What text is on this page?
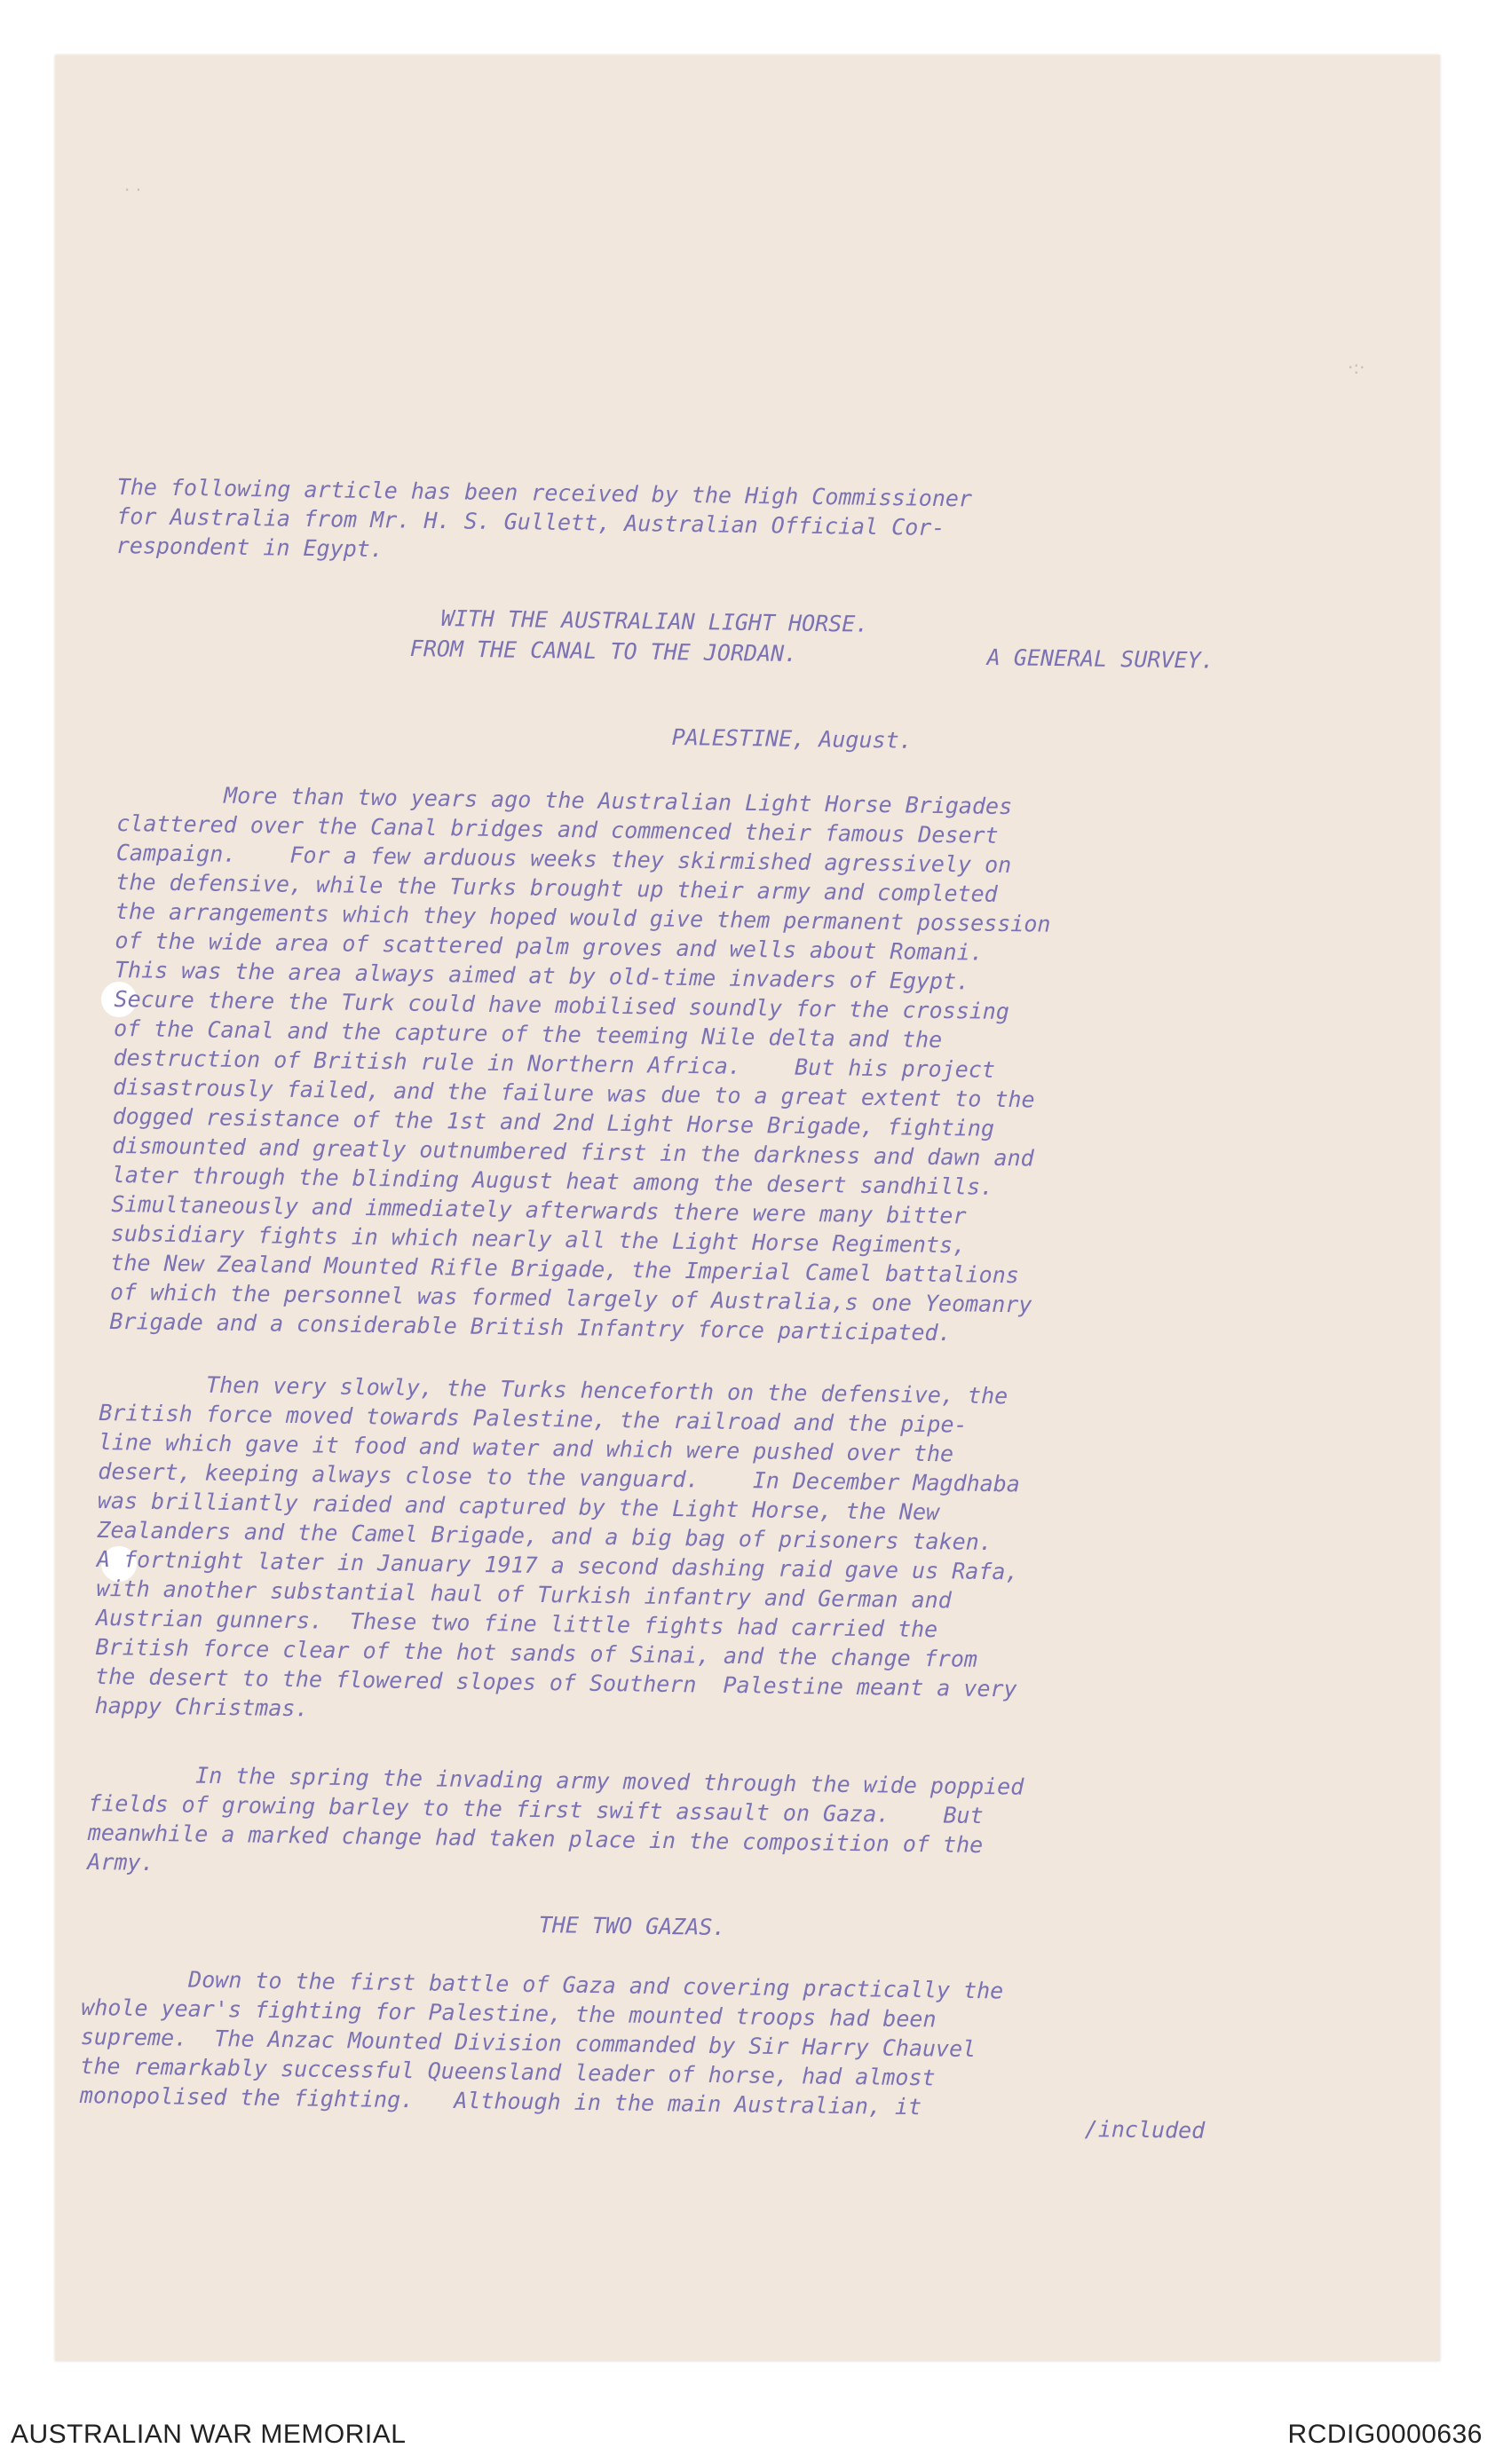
· ·
·:·
The following article has been received by the High Commissioner
for Australia from Mr. H. S. Gullett, Australian Official Cor-
respondent in Egypt.
WITH THE AUSTRALIAN LIGHT HORSE.
FROM THE CANAL TO THE JORDAN.	A GENERAL SURVEY.
PALESTINE, August.
More than two years ago the Australian Light Horse Brigades
clattered over the Canal bridges and commenced their famous Desert
Campaign.    For a few arduous weeks they skirmished agressively on
the defensive, while the Turks brought up their army and completed
the arrangements which they hoped would give them permanent possession
of the wide area of scattered palm groves and wells about Romani.
This was the area always aimed at by old-time invaders of Egypt.
Secure there the Turk could have mobilised soundly for the crossing
of the Canal and the capture of the teeming Nile delta and the
destruction of British rule in Northern Africa.    But his project
disastrously failed, and the failure was due to a great extent to the
dogged resistance of the 1st and 2nd Light Horse Brigade, fighting
dismounted and greatly outnumbered first in the darkness and dawn and
later through the blinding August heat among the desert sandhills.
Simultaneously and immediately afterwards there were many bitter
subsidiary fights in which nearly all the Light Horse Regiments,
the New Zealand Mounted Rifle Brigade, the Imperial Camel battalions
of which the personnel was formed largely of Australia,s one Yeomanry
Brigade and a considerable British Infantry force participated.
Then very slowly, the Turks henceforth on the defensive, the
British force moved towards Palestine, the railroad and the pipe-
line which gave it food and water and which were pushed over the
desert, keeping always close to the vanguard.    In December Magdhaba
was brilliantly raided and captured by the Light Horse, the New
Zealanders and the Camel Brigade, and a big bag of prisoners taken.
A fortnight later in January 1917 a second dashing raid gave us Rafa,
with another substantial haul of Turkish infantry and German and
Austrian gunners.  These two fine little fights had carried the
British force clear of the hot sands of Sinai, and the change from
the desert to the flowered slopes of Southern  Palestine meant a very
happy Christmas.
In the spring the invading army moved through the wide poppied
fields of growing barley to the first swift assault on Gaza.    But
meanwhile a marked change had taken place in the composition of the
Army.
THE TWO GAZAS.
Down to the first battle of Gaza and covering practically the
whole year's fighting for Palestine, the mounted troops had been
supreme.  The Anzac Mounted Division commanded by Sir Harry Chauvel
the remarkably successful Queensland leader of horse, had almost
monopolised the fighting.   Although in the main Australian, it
/included
AUSTRALIAN WAR MEMORIAL	RCDIG0000636
